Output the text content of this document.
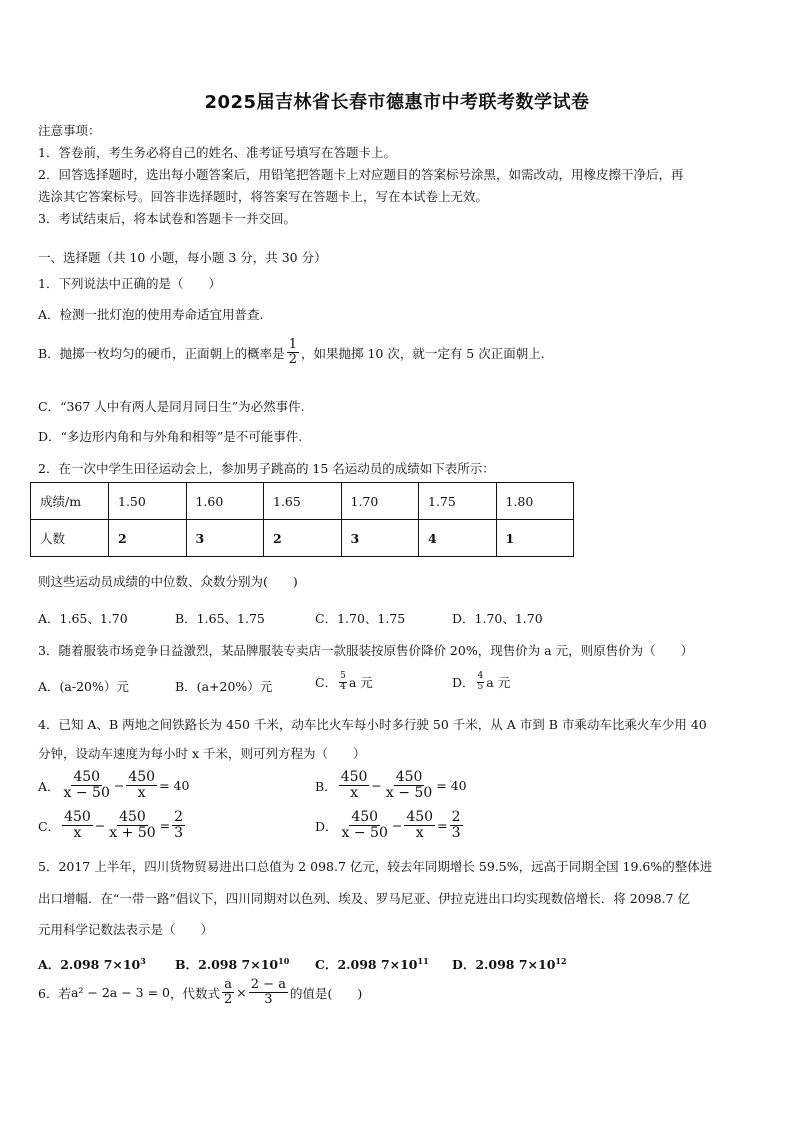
2025届吉林省长春市德惠市中考联考数学试卷
注意事项：
1．答卷前，考生务必将自己的姓名、准考证号填写在答题卡上。
2．回答选择题时，选出每小题答案后，用铅笔把答题卡上对应题目的答案标号涂黑，如需改动，用橡皮擦干净后，再
选涂其它答案标号。回答非选择题时，将答案写在答题卡上，写在本试卷上无效。
3．考试结束后，将本试卷和答题卡一并交回。
一、选择题（共 10 小题，每小题 3 分，共 30 分）
1．下列说法中正确的是（　　）
A．检测一批灯泡的使用寿命适宜用普查.
B．抛掷一枚均匀的硬币，正面朝上的概率是 $\frac{1}{2}$ ，如果抛掷 10 次，就一定有 5 次正面朝上.
C．“367 人中有两人是同月同日生”为必然事件.
D．“多边形内角和与外角和相等”是不可能事件.
2．在一次中学生田径运动会上，参加男子跳高的 15 名运动员的成绩如下表所示：
成绩/m	1.50	1.60	1.65	1.70	1.75	1.80
人数	2	3	2	3	4	1
则这些运动员成绩的中位数、众数分别为(　　)
A．1.65、1.70	B．1.65、1.75	C．1.70、1.75	D．1.70、1.70
3．随着服装市场竞争日益激烈，某品牌服装专卖店一款服装按原售价降价 20%，现售价为 a 元，则原售价为（　　）
A．(a-20%）元	B．(a+20%）元	C． $\frac{5}{4}$ a 元	D． $\frac{4}{5}$ a 元
4．已知 A、B 两地之间铁路长为 450 千米，动车比火车每小时多行驶 50 千米，从 A 市到 B 市乘动车比乘火车少用 40
分钟，设动车速度为每小时 x 千米，则可列方程为（　　）
A． $\frac{450}{x - 50} - \frac{450}{x} = 40$	B． $\frac{450}{x} - \frac{450}{x - 50} = 40$
C． $\frac{450}{x} - \frac{450}{x + 50} = \frac{2}{3}$	D． $\frac{450}{x - 50} - \frac{450}{x} = \frac{2}{3}$
5．2017 上半年，四川货物贸易进出口总值为 2 098.7 亿元，较去年同期增长 59.5%，远高于同期全国 19.6%的整体进
出口增幅．在“一带一路”倡议下，四川同期对以色列、埃及、罗马尼亚、伊拉克进出口均实现数倍增长．将 2098.7 亿
元用科学记数法表示是（　　）
A．2.098 $7\times 10^3$ B．2.098 $7\times 10^{10}$ C．2.098 $7\times 10^{11}$ D．2.098 $7\times 10^{12}$
6．若 a² − 2a − 3 = 0 ，代数式 $\frac{a}{2} \times \frac{2 - a}{3}$ 的值是(　　)
